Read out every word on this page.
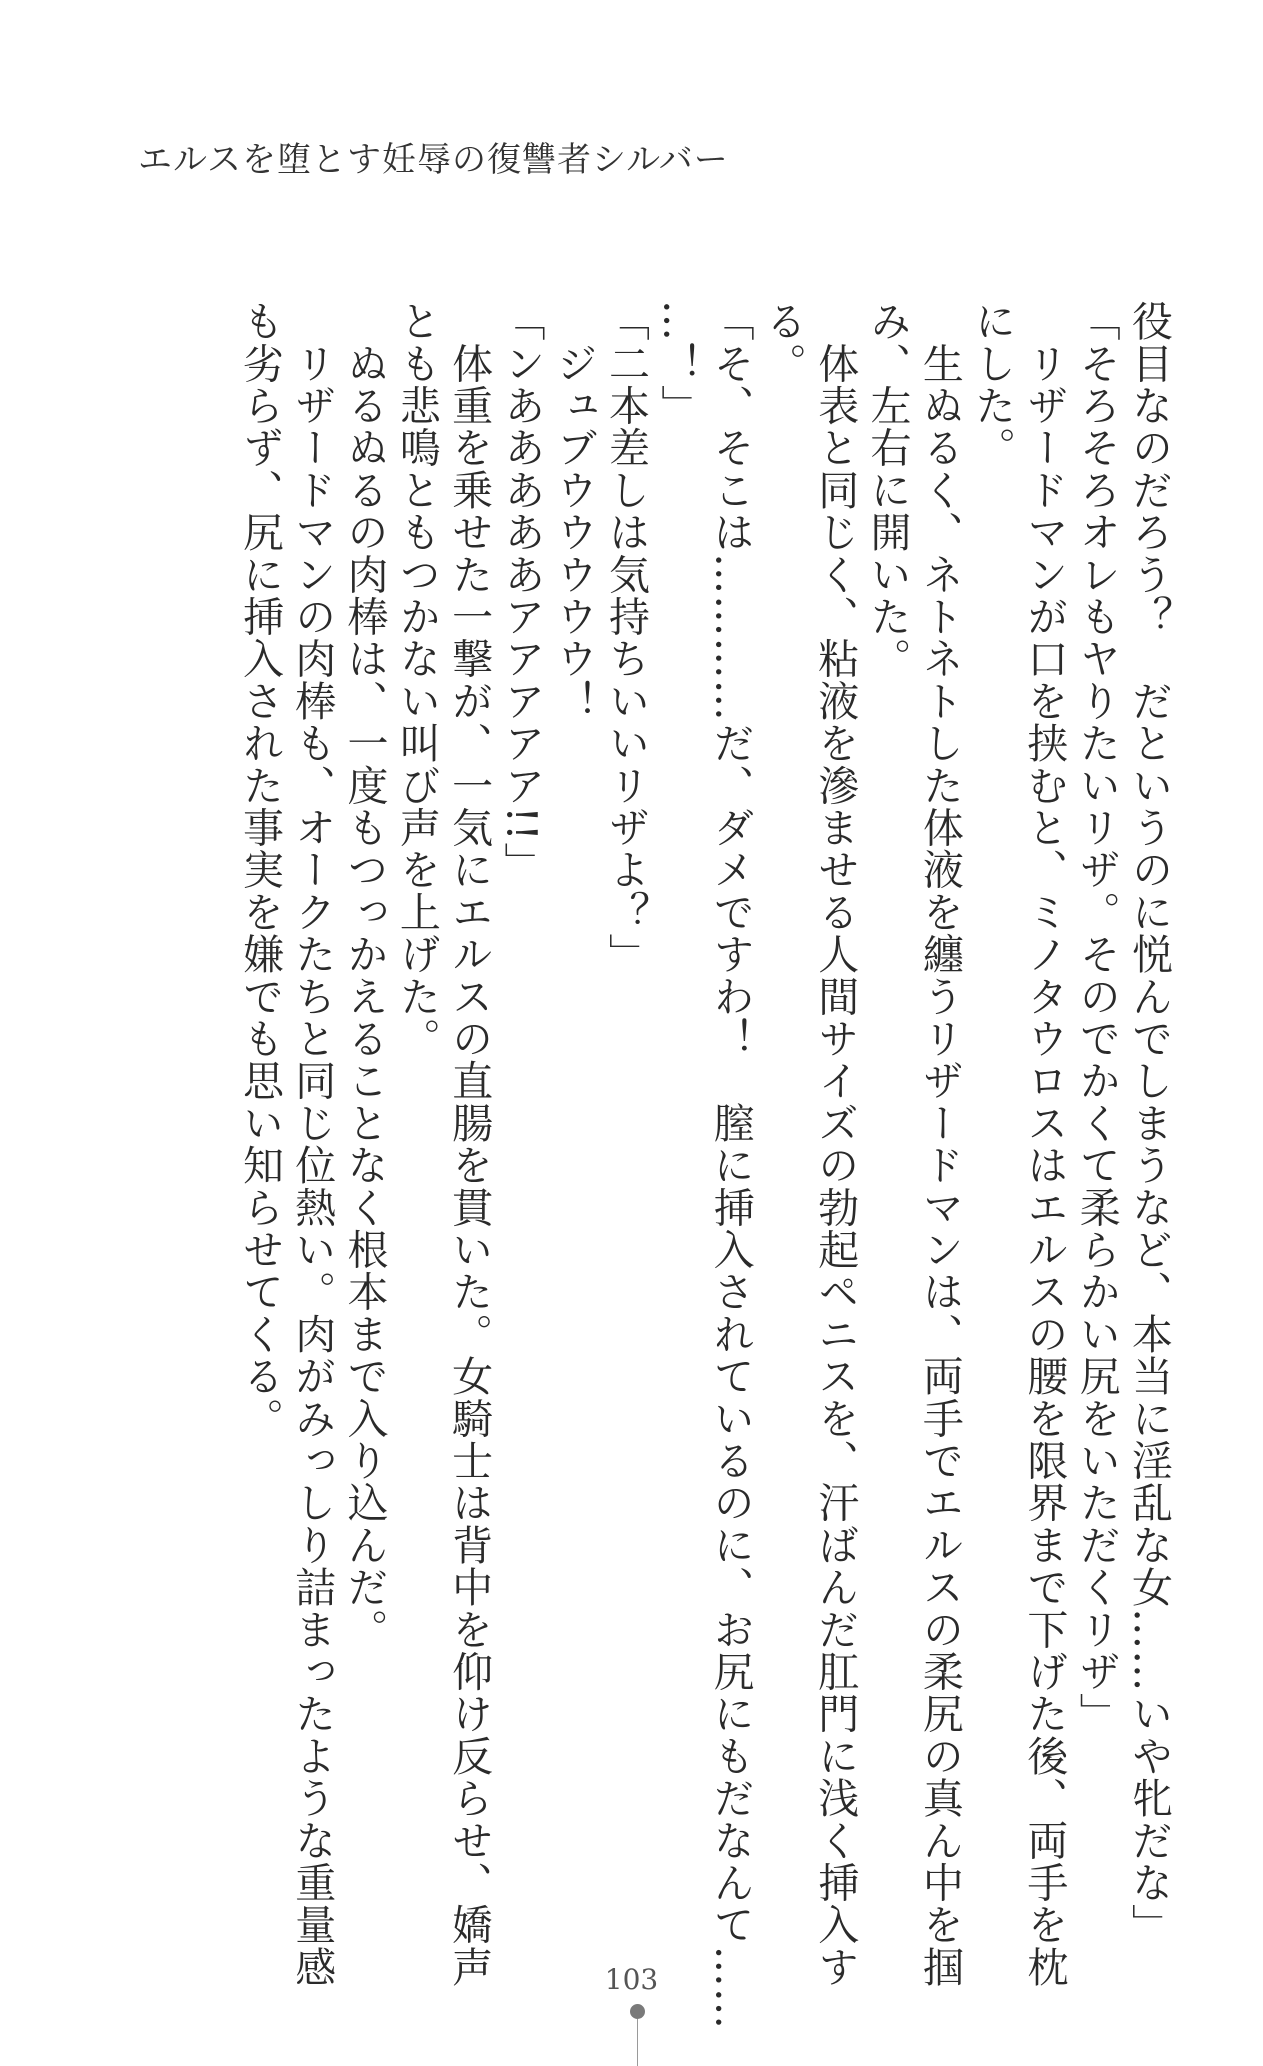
エルスを堕とす妊辱の復讐者シルバー

役目なのだろう？　だというのに悦んでしまうなど、本当に淫乱な女……いや牝だな」

「そろそろオレもヤりたいリザ。そのでかくて柔らかい尻をいただくリザ」

　リザードマンが口を挟むと、ミノタウロスはエルスの腰を限界まで下げた後、両手を枕

にした。

　生ぬるく、ネトネトした体液を纏うリザードマンは、両手でエルスの柔尻の真ん中を掴

み、左右に開いた。

　体表と同じく、粘液を滲ませる人間サイズの勃起ペニスを、汗ばんだ肛門に浅く挿入す

る。

「そ、そこは…………だ、ダメですわ！　膣に挿入されているのに、お尻にもだなんて……

…！」

「二本差しは気持ちいいリザよ？」

　ジュブウウウウウ！

「ンあああああアアアアア!!」

　体重を乗せた一撃が、一気にエルスの直腸を貫いた。女騎士は背中を仰け反らせ、嬌声

とも悲鳴ともつかない叫び声を上げた。

　ぬるぬるの肉棒は、一度もつっかえることなく根本まで入り込んだ。

　リザードマンの肉棒も、オークたちと同じ位熱い。肉がみっしり詰まったような重量感

も劣らず、尻に挿入された事実を嫌でも思い知らせてくる。

103
